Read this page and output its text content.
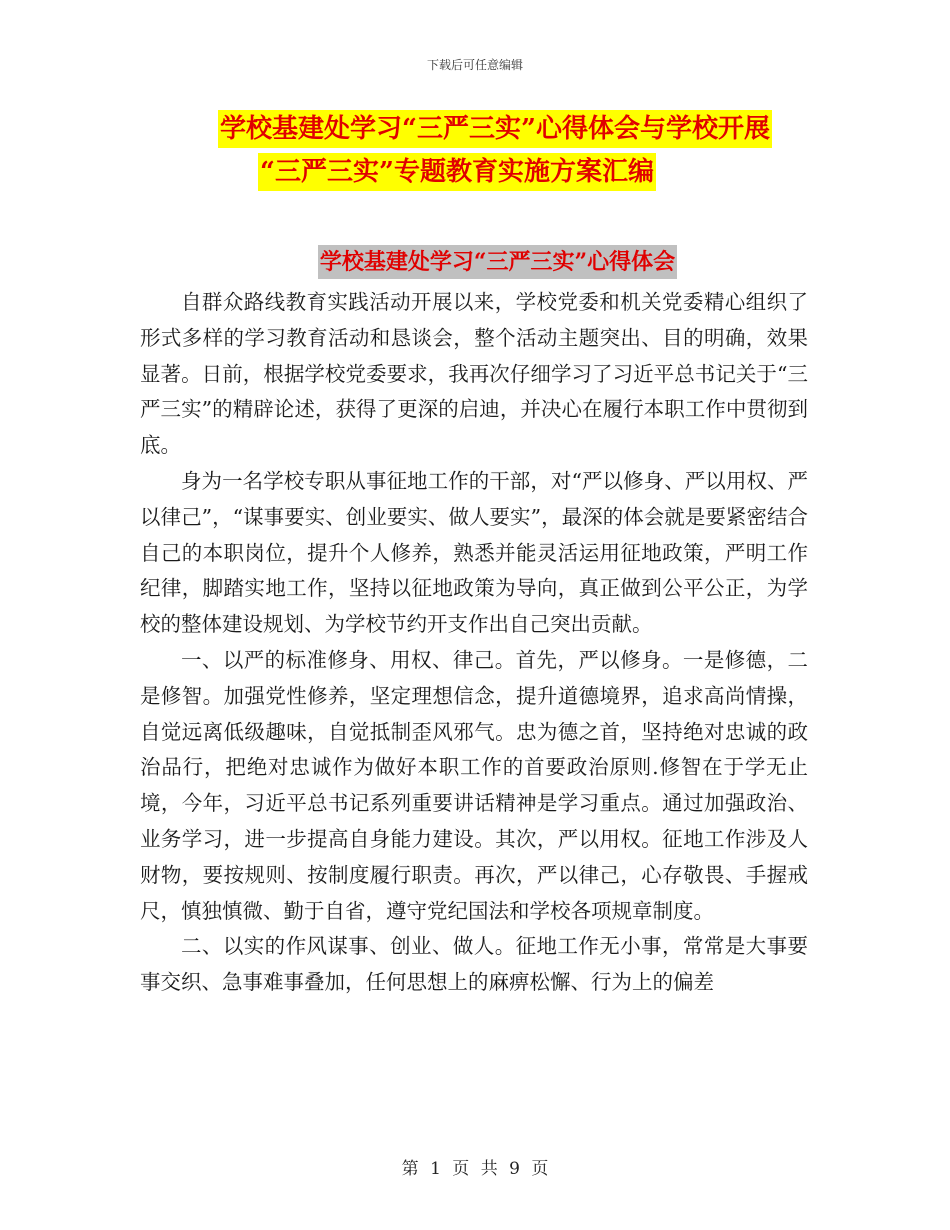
下载后可任意编辑
学校基建处学习“三严三实”心得体会与学校开展
“三严三实”专题教育实施方案汇编
学校基建处学习“三严三实”心得体会

自群众路线教育实践活动开展以来，学校党委和机关党委精心组织了形式多样的学习教育活动和恳谈会，整个活动主题突出、目的明确，效果显著。日前，根据学校党委要求，我再次仔细学习了习近平总书记关于“三严三实”的精辟论述，获得了更深的启迪，并决心在履行本职工作中贯彻到底。

身为一名学校专职从事征地工作的干部，对“严以修身、严以用权、严以律己”，“谋事要实、创业要实、做人要实”，最深的体会就是要紧密结合自己的本职岗位，提升个人修养，熟悉并能灵活运用征地政策，严明工作纪律，脚踏实地工作，坚持以征地政策为导向，真正做到公平公正，为学校的整体建设规划、为学校节约开支作出自己突出贡献。

一、以严的标准修身、用权、律己。首先，严以修身。一是修德，二是修智。加强党性修养，坚定理想信念，提升道德境界，追求高尚情操，自觉远离低级趣味，自觉抵制歪风邪气。忠为德之首，坚持绝对忠诚的政治品行，把绝对忠诚作为做好本职工作的首要政治原则.修智在于学无止境，今年，习近平总书记系列重要讲话精神是学习重点。通过加强政治、业务学习，进一步提高自身能力建设。其次，严以用权。征地工作涉及人财物，要按规则、按制度履行职责。再次，严以律己，心存敬畏、手握戒尺，慎独慎微、勤于自省，遵守党纪国法和学校各项规章制度。

二、以实的作风谋事、创业、做人。征地工作无小事，常常是大事要事交织、急事难事叠加，任何思想上的麻痹松懈、行为上的偏差

第 1 页 共 9 页
